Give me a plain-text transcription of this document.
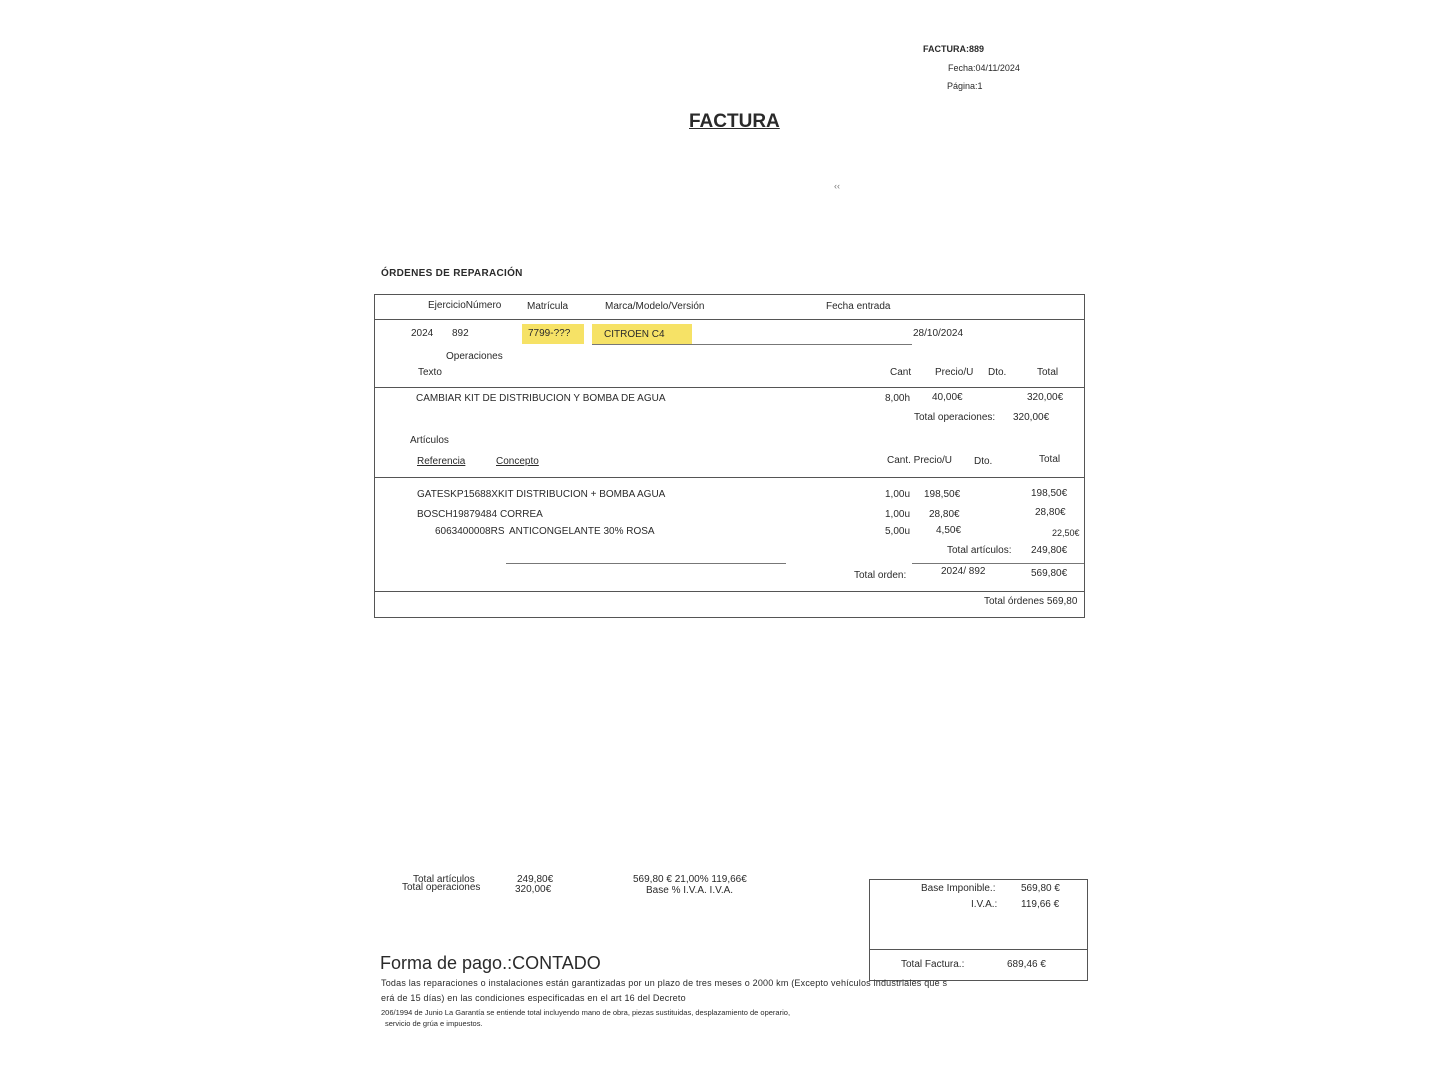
FACTURA:889
Fecha:04/11/2024
Página:1
FACTURA
‹‹
ÓRDENES DE REPARACIÓN
EjercicioNúmero	Matrícula	Marca/Modelo/Versión	Fecha entrada
2024 892	7799-???	CITROEN C4	28/10/2024
Operaciones
Texto	Cant Precio/U Dto.	Total
CAMBIAR KIT DE DISTRIBUCION Y BOMBA DE AGUA	8,00h 40,00€	320,00€
Total operaciones: 320,00€
Artículos
Referencia	Concepto	Cant. Precio/U Dto.	Total
GATESKP15688X KIT DISTRIBUCION + BOMBA AGUA	1,00u 198,50€	198,50€
BOSCH19879484 CORREA	1,00u 28,80€	28,80€
6063400008RS ANTICONGELANTE 30% ROSA	5,00u	4,50€	22,50€
Total artículos: 249,80€
Total orden:	2024/ 892	569,80€
Total órdenes 569,80
Total artículos	249,80€
Total operaciones	320,00€
569,80 € 21,00% 119,66€
Base % I.V.A. I.V.A.	Base Imponible.:	569,80 €
I.V.A.: 119,66 €
Total Factura.:	689,46 €
Forma de pago.:CONTADO
Todas las reparaciones o instalaciones están garantizadas por un plazo de tres meses o 2000 km (Excepto vehículos industriales que s
erá de 15 días) en las condiciones especificadas en el art 16 del Decreto
206/1994 de Junio La Garantía se entiende total incluyendo mano de obra, piezas sustituidas, desplazamiento de operario,
servicio de grúa e impuestos.
